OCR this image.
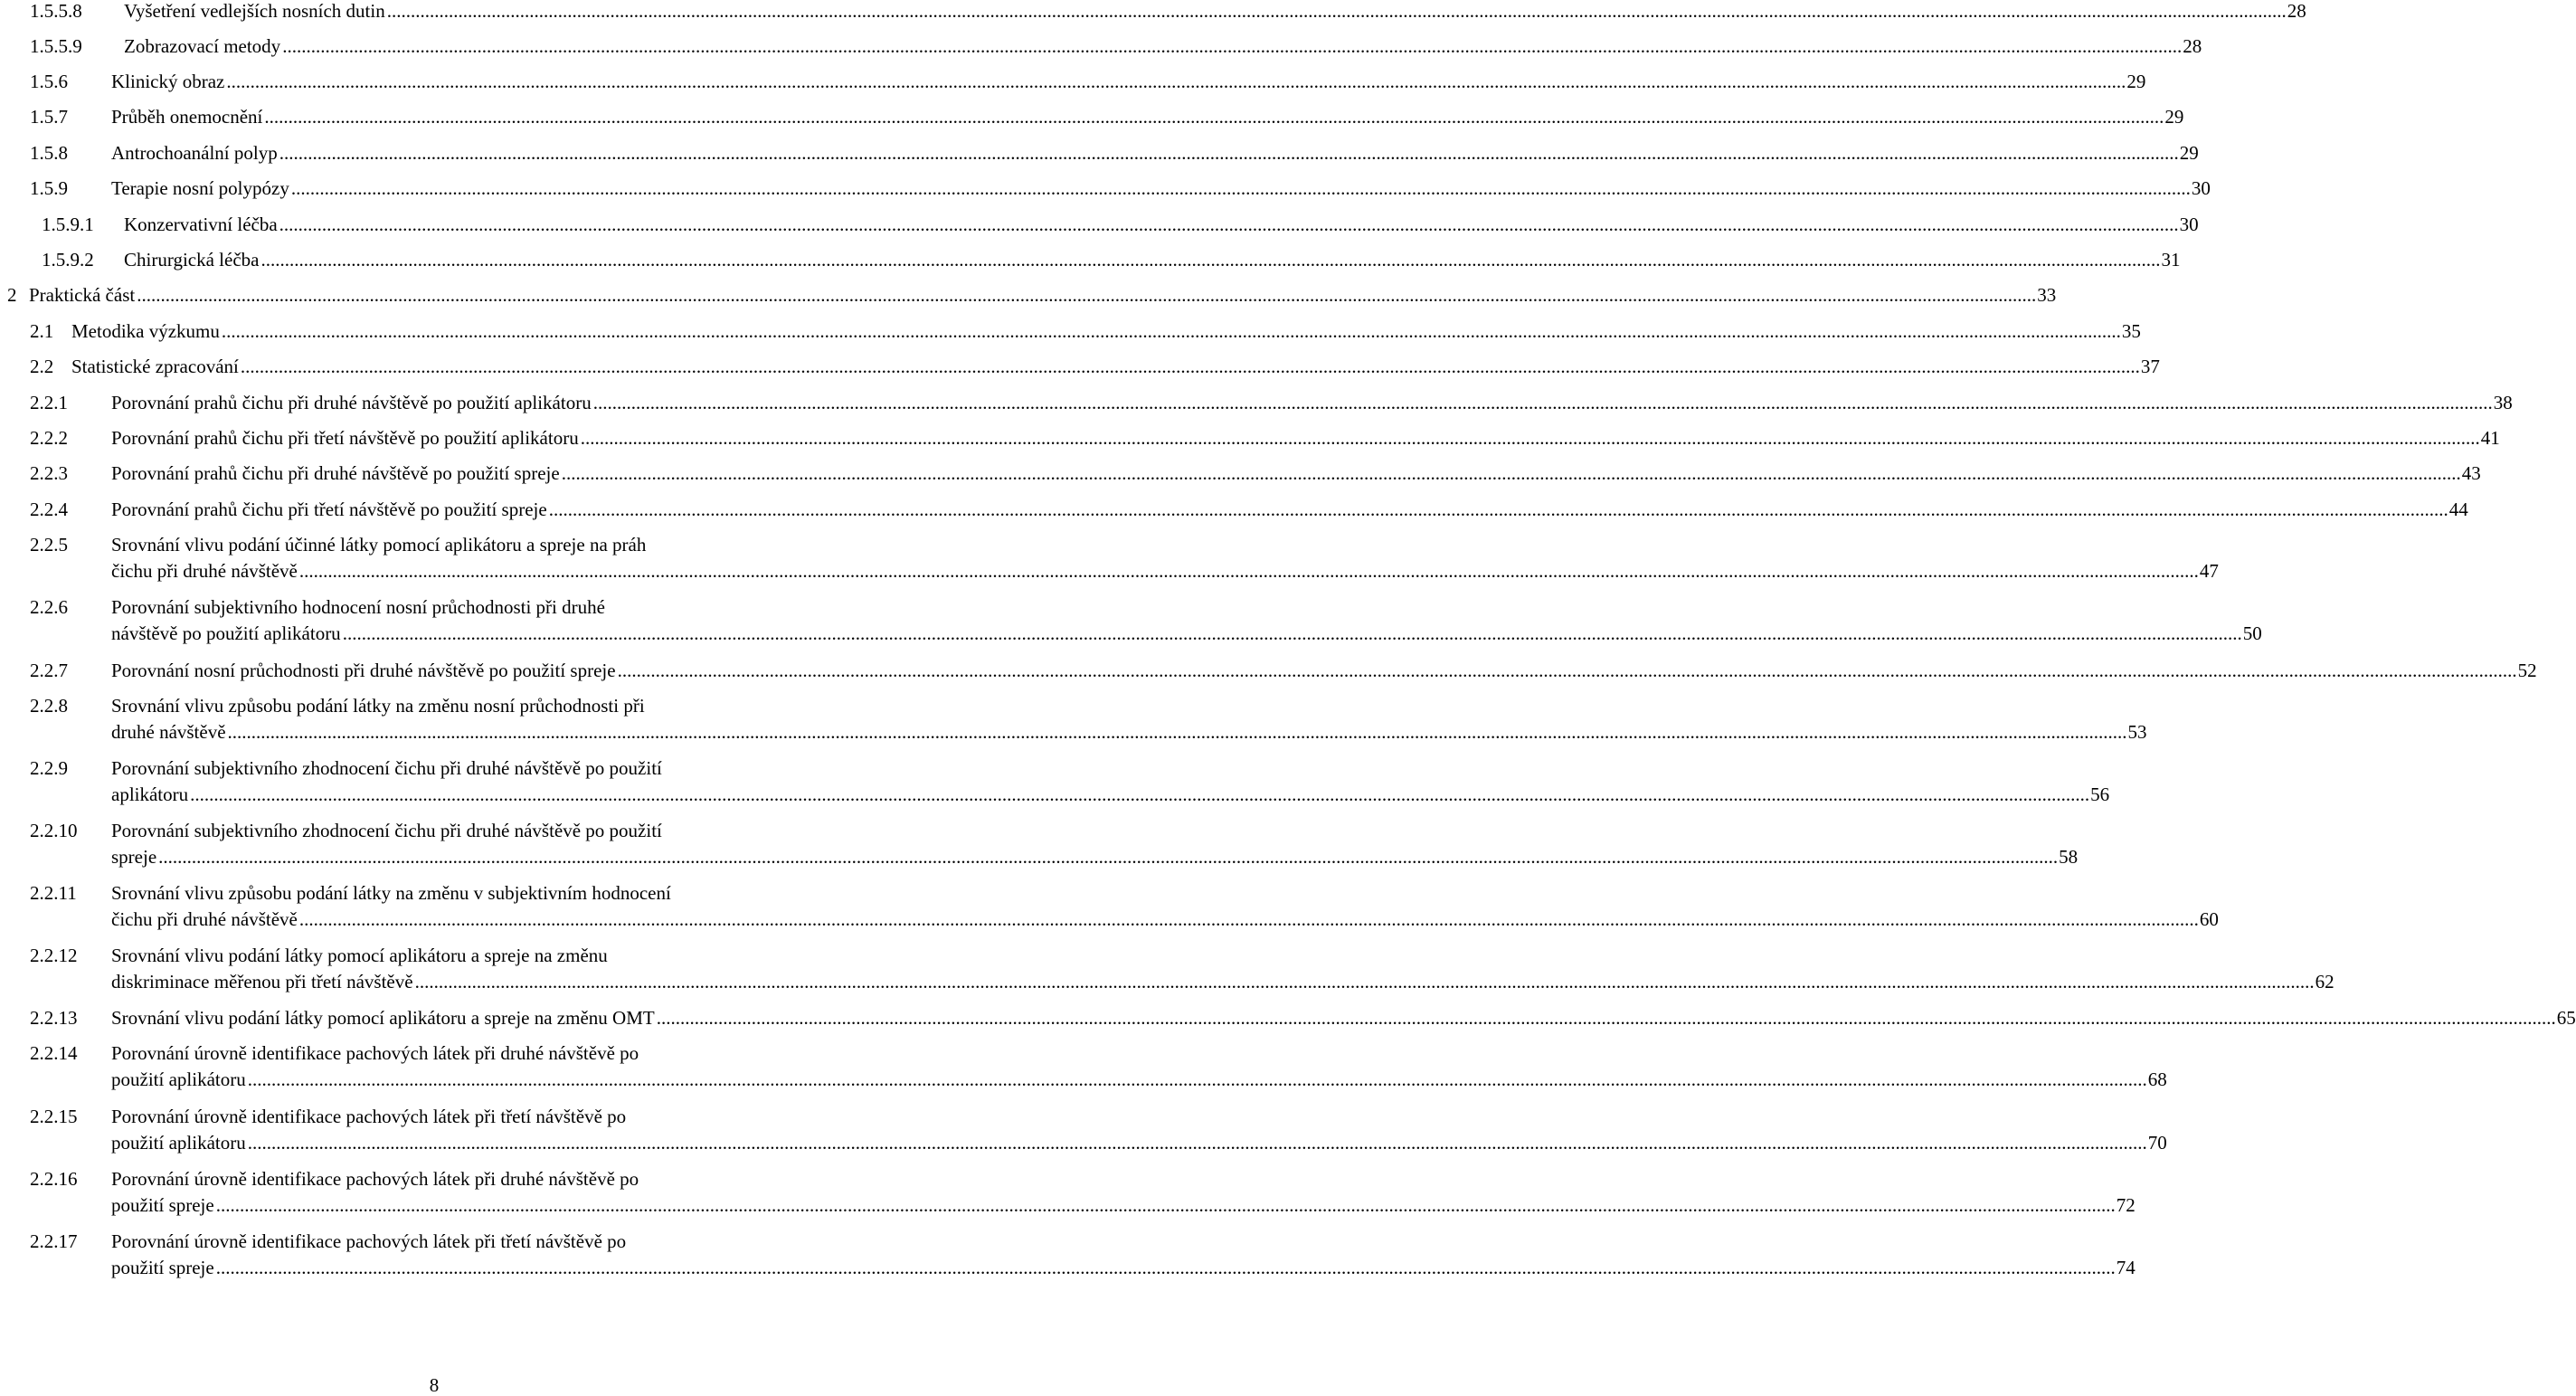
1.5.5.8 Vyšetření vedlejších nosních dutin ................................................................................................................................................................................................................................................................................................................................................................................................................ 28
1.5.5.9 Zobrazovací metody ................................................................................................................................................................................................................................................................................................................................................................................................................ 28
1.5.6 Klinický obraz ................................................................................................................................................................................................................................................................................................................................................................................................................ 29
1.5.7 Průběh onemocnění ................................................................................................................................................................................................................................................................................................................................................................................................................ 29
1.5.8 Antrochoanální polyp ................................................................................................................................................................................................................................................................................................................................................................................................................ 29
1.5.9 Terapie nosní polypózy ................................................................................................................................................................................................................................................................................................................................................................................................................ 30
1.5.9.1 Konzervativní léčba ................................................................................................................................................................................................................................................................................................................................................................................................................ 30
1.5.9.2 Chirurgická léčba ................................................................................................................................................................................................................................................................................................................................................................................................................ 31
2 Praktická část ................................................................................................................................................................................................................................................................................................................................................................................................................ 33
2.1 Metodika výzkumu ................................................................................................................................................................................................................................................................................................................................................................................................................ 35
2.2 Statistické zpracování ................................................................................................................................................................................................................................................................................................................................................................................................................ 37
2.2.1 Porovnání prahů čichu při druhé návštěvě po použití aplikátoru ................................................................................................................................................................................................................................................................................................................................................................................................................ 38
2.2.2 Porovnání prahů čichu při třetí návštěvě po použití aplikátoru ................................................................................................................................................................................................................................................................................................................................................................................................................ 41
2.2.3 Porovnání prahů čichu při druhé návštěvě po použití spreje ................................................................................................................................................................................................................................................................................................................................................................................................................ 43
2.2.4 Porovnání prahů čichu při třetí návštěvě po použití spreje ................................................................................................................................................................................................................................................................................................................................................................................................................ 44
2.2.5 Srovnání vlivu podání účinné látky pomocí aplikátoru a spreje na práh
čichu při druhé návštěvě ................................................................................................................................................................................................................................................................................................................................................................................................................ 47
2.2.6 Porovnání subjektivního hodnocení nosní průchodnosti při druhé
návštěvě po použití aplikátoru ................................................................................................................................................................................................................................................................................................................................................................................................................ 50
2.2.7 Porovnání nosní průchodnosti při druhé návštěvě po použití spreje ................................................................................................................................................................................................................................................................................................................................................................................................................ 52
2.2.8 Srovnání vlivu způsobu podání látky na změnu nosní průchodnosti při
druhé návštěvě ................................................................................................................................................................................................................................................................................................................................................................................................................ 53
2.2.9 Porovnání subjektivního zhodnocení čichu při druhé návštěvě po použití
aplikátoru ................................................................................................................................................................................................................................................................................................................................................................................................................ 56
2.2.10 Porovnání subjektivního zhodnocení čichu při druhé návštěvě po použití
spreje ................................................................................................................................................................................................................................................................................................................................................................................................................ 58
2.2.11 Srovnání vlivu způsobu podání látky na změnu v subjektivním hodnocení
čichu při druhé návštěvě ................................................................................................................................................................................................................................................................................................................................................................................................................ 60
2.2.12 Srovnání vlivu podání látky pomocí aplikátoru a spreje na změnu
diskriminace měřenou při třetí návštěvě ................................................................................................................................................................................................................................................................................................................................................................................................................ 62
2.2.13 Srovnání vlivu podání látky pomocí aplikátoru a spreje na změnu OMT ................................................................................................................................................................................................................................................................................................................................................................................................................ 65
2.2.14 Porovnání úrovně identifikace pachových látek při druhé návštěvě po
použití aplikátoru ................................................................................................................................................................................................................................................................................................................................................................................................................ 68
2.2.15 Porovnání úrovně identifikace pachových látek při třetí návštěvě po
použití aplikátoru ................................................................................................................................................................................................................................................................................................................................................................................................................ 70
2.2.16 Porovnání úrovně identifikace pachových látek při druhé návštěvě po
použití spreje ................................................................................................................................................................................................................................................................................................................................................................................................................ 72
2.2.17 Porovnání úrovně identifikace pachových látek při třetí návštěvě po
použití spreje ................................................................................................................................................................................................................................................................................................................................................................................................................ 74
8
